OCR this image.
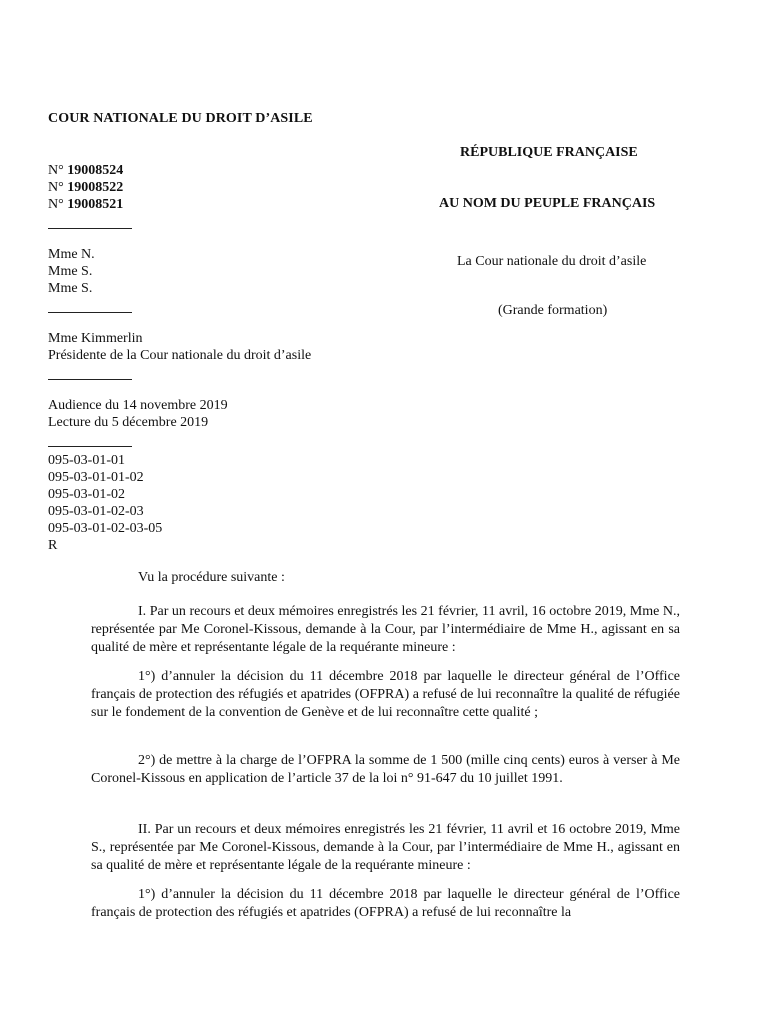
COUR NATIONALE DU DROIT D’ASILE
N° 19008524
N° 19008522
N° 19008521
Mme N.
Mme S.
Mme S.
Mme Kimmerlin
Présidente de la Cour nationale du droit d’asile
Audience du 14 novembre 2019
Lecture du 5 décembre 2019
095-03-01-01
095-03-01-01-02
095-03-01-02
095-03-01-02-03
095-03-01-02-03-05
R
RÉPUBLIQUE FRANÇAISE
AU NOM DU PEUPLE FRANÇAIS
La Cour nationale du droit d’asile
(Grande formation)
Vu la procédure suivante :

I. Par un recours et deux mémoires enregistrés les 21 février, 11 avril, 16 octobre 2019, Mme N., représentée par Me Coronel-Kissous, demande à la Cour, par l’intermédiaire de Mme H., agissant en sa qualité de mère et représentante légale de la requérante mineure :

1°) d’annuler la décision du 11 décembre 2018 par laquelle le directeur général de l’Office français de protection des réfugiés et apatrides (OFPRA) a refusé de lui reconnaître la qualité de réfugiée sur le fondement de la convention de Genève et de lui reconnaître cette qualité ;

2°) de mettre à la charge de l’OFPRA la somme de 1 500 (mille cinq cents) euros à verser à Me Coronel-Kissous en application de l’article 37 de la loi n° 91-647 du 10 juillet 1991.

II. Par un recours et deux mémoires enregistrés les 21 février, 11 avril et 16 octobre 2019, Mme S., représentée par Me Coronel-Kissous, demande à la Cour, par l’intermédiaire de Mme H., agissant en sa qualité de mère et représentante légale de la requérante mineure :

1°) d’annuler la décision du 11 décembre 2018 par laquelle le directeur général de l’Office français de protection des réfugiés et apatrides (OFPRA) a refusé de lui reconnaître la
